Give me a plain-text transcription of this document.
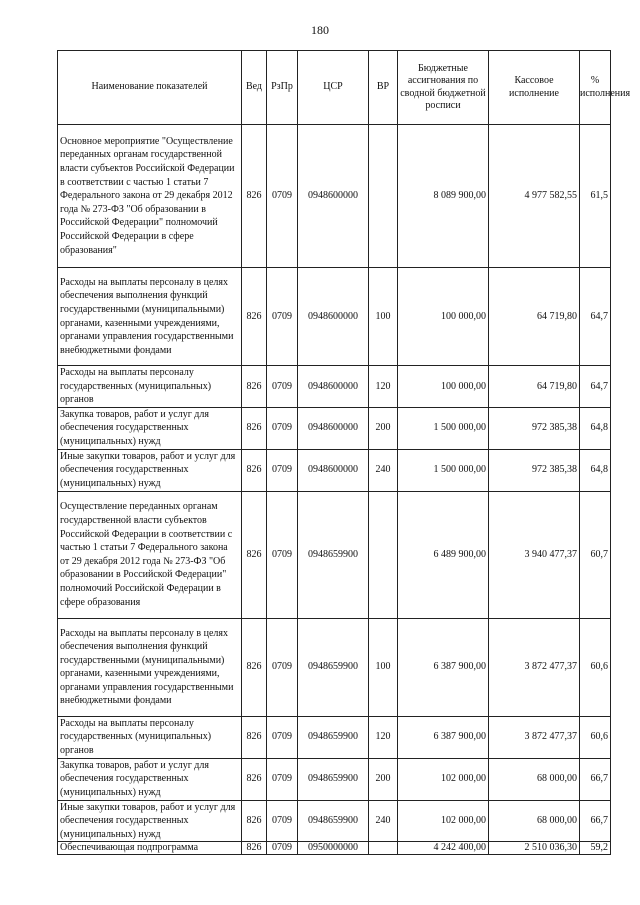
180
Наименование показателей	Вед	РзПр	ЦСР	ВР	Бюджетные ассигнования по сводной бюджетной росписи	Кассовое исполнение	% исполнения
Основное мероприятие "Осуществление переданных органам государственной власти субъектов Российской Федерации в соответствии с частью 1 статьи 7 Федерального закона от 29 декабря 2012 года № 273-ФЗ "Об образовании в Российской Федерации" полномочий Российской Федерации в сфере образования"	826	0709	0948600000		8 089 900,00	4 977 582,55	61,5
Расходы на выплаты персоналу в целях обеспечения выполнения функций государственными (муниципальными) органами, казенными учреждениями, органами управления государственными внебюджетными фондами	826	0709	0948600000	100	100 000,00	64 719,80	64,7
Расходы на выплаты персоналу государственных (муниципальных) органов	826	0709	0948600000	120	100 000,00	64 719,80	64,7
Закупка товаров, работ и услуг для обеспечения государственных (муниципальных) нужд	826	0709	0948600000	200	1 500 000,00	972 385,38	64,8
Иные закупки товаров, работ и услуг для обеспечения государственных (муниципальных) нужд	826	0709	0948600000	240	1 500 000,00	972 385,38	64,8
Осуществление переданных органам государственной власти субъектов Российской Федерации в соответствии с частью 1 статьи 7 Федерального закона от 29 декабря 2012 года № 273-ФЗ "Об образовании в Российской Федерации" полномочий Российской Федерации в сфере образования	826	0709	0948659900		6 489 900,00	3 940 477,37	60,7
Расходы на выплаты персоналу в целях обеспечения выполнения функций государственными (муниципальными) органами, казенными учреждениями, органами управления государственными внебюджетными фондами	826	0709	0948659900	100	6 387 900,00	3 872 477,37	60,6
Расходы на выплаты персоналу государственных (муниципальных) органов	826	0709	0948659900	120	6 387 900,00	3 872 477,37	60,6
Закупка товаров, работ и услуг для обеспечения государственных (муниципальных) нужд	826	0709	0948659900	200	102 000,00	68 000,00	66,7
Иные закупки товаров, работ и услуг для обеспечения государственных (муниципальных) нужд	826	0709	0948659900	240	102 000,00	68 000,00	66,7
Обеспечивающая подпрограмма	826	0709	0950000000		4 242 400,00	2 510 036,30	59,2
